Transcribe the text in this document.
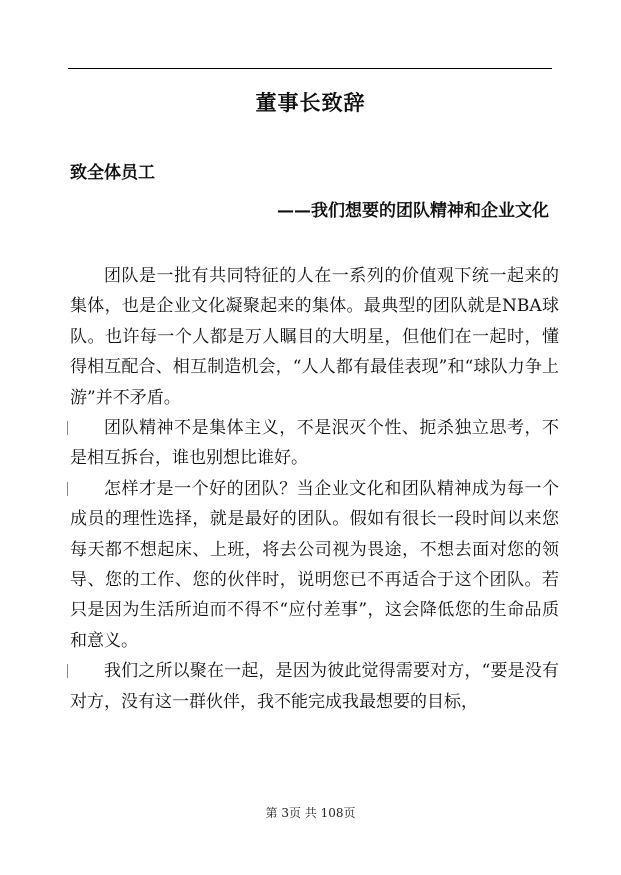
董事长致辞
致全体员工
——我们想要的团队精神和企业文化

团队是一批有共同特征的人在一系列的价值观下统一起来的集体，也是企业文化凝聚起来的集体。最典型的团队就是NBA球队。也许每一个人都是万人瞩目的大明星，但他们在一起时，懂得相互配合、相互制造机会，“人人都有最佳表现”和“球队力争上游”并不矛盾。

团队精神不是集体主义，不是泯灭个性、扼杀独立思考，不是相互拆台，谁也别想比谁好。

怎样才是一个好的团队？当企业文化和团队精神成为每一个成员的理性选择，就是最好的团队。假如有很长一段时间以来您每天都不想起床、上班，将去公司视为畏途，不想去面对您的领导、您的工作、您的伙伴时，说明您已不再适合于这个团队。若只是因为生活所迫而不得不“应付差事”，这会降低您的生命品质和意义。

我们之所以聚在一起，是因为彼此觉得需要对方，“要是没有对方，没有这一群伙伴，我不能完成我最想要的目标，

第 3页 共 108页
